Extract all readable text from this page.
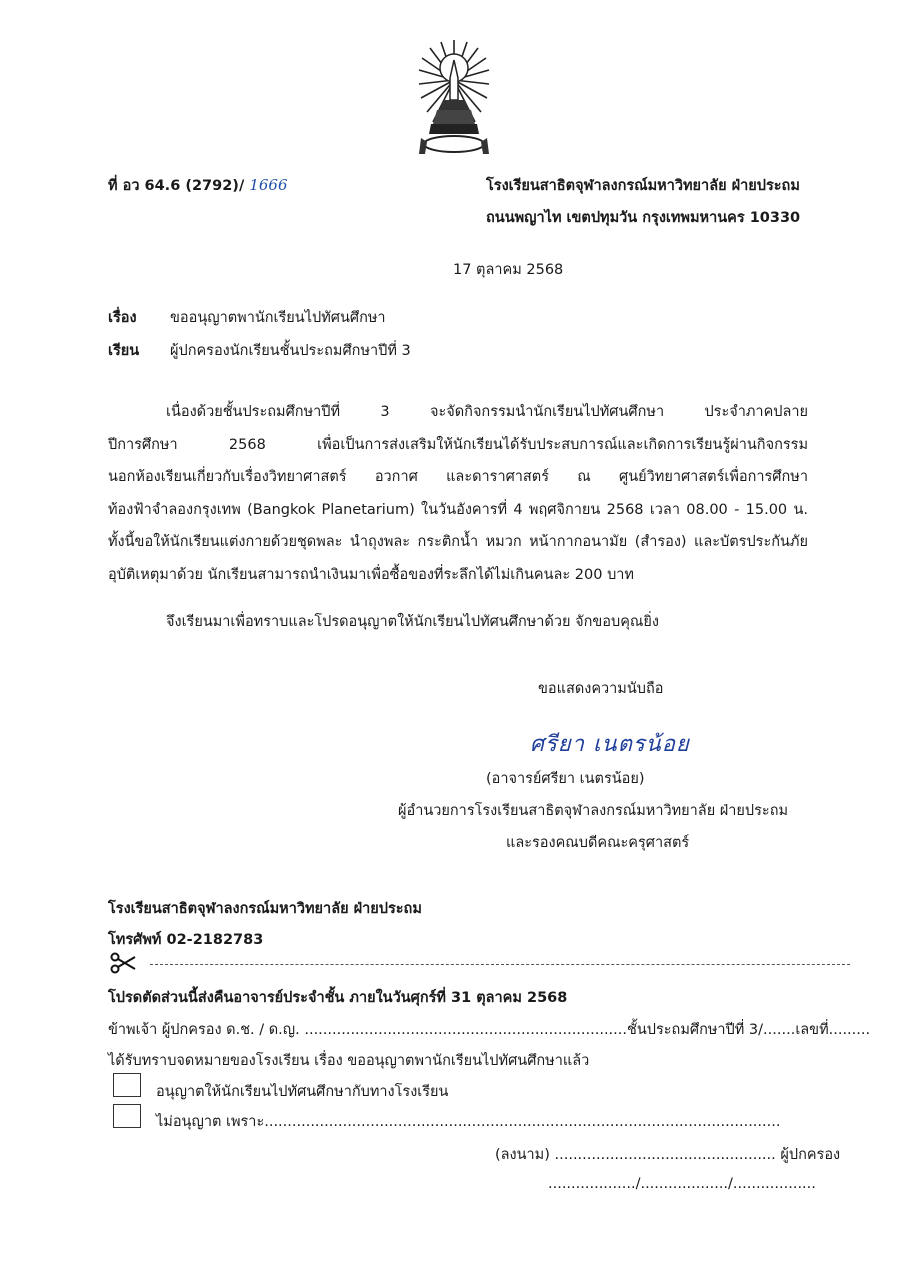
ที่ อว 64.6 (2792)/ 1666	โรงเรียนสาธิตจุฬาลงกรณ์มหาวิทยาลัย ฝ่ายประถม
ถนนพญาไท เขตปทุมวัน กรุงเทพมหานคร 10330
17 ตุลาคม 2568
เรื่อง ขออนุญาตพานักเรียนไปทัศนศึกษา
เรียน ผู้ปกครองนักเรียนชั้นประถมศึกษาปีที่ 3
เนื่องด้วยชั้นประถมศึกษาปีที่ 3 จะจัดกิจกรรมนำนักเรียนไปทัศนศึกษา ประจำภาคปลาย
ปีการศึกษา 2568 เพื่อเป็นการส่งเสริมให้นักเรียนได้รับประสบการณ์และเกิดการเรียนรู้ผ่านกิจกรรม
นอกห้องเรียนเกี่ยวกับเรื่องวิทยาศาสตร์ อวกาศ และดาราศาสตร์ ณ ศูนย์วิทยาศาสตร์เพื่อการศึกษา
ท้องฟ้าจำลองกรุงเทพ (Bangkok Planetarium) ในวันอังคารที่ 4 พฤศจิกายน 2568 เวลา 08.00 - 15.00 น.
ทั้งนี้ขอให้นักเรียนแต่งกายด้วยชุดพละ นำถุงพละ กระติกน้ำ หมวก หน้ากากอนามัย (สำรอง) และบัตรประกันภัย
อุบัติเหตุมาด้วย นักเรียนสามารถนำเงินมาเพื่อซื้อของที่ระลึกได้ไม่เกินคนละ 200 บาท
จึงเรียนมาเพื่อทราบและโปรดอนุญาตให้นักเรียนไปทัศนศึกษาด้วย จักขอบคุณยิ่ง
ขอแสดงความนับถือ
ศรียา เนตรน้อย
(อาจารย์ศรียา เนตรน้อย)
ผู้อำนวยการโรงเรียนสาธิตจุฬาลงกรณ์มหาวิทยาลัย ฝ่ายประถม
และรองคณบดีคณะครุศาสตร์
โรงเรียนสาธิตจุฬาลงกรณ์มหาวิทยาลัย ฝ่ายประถม
โทรศัพท์ 02-2182783
โปรดตัดส่วนนี้ส่งคืนอาจารย์ประจำชั้น ภายในวันศุกร์ที่ 31 ตุลาคม 2568
ข้าพเจ้า ผู้ปกครอง ด.ช. / ด.ญ. ......................................................................ชั้นประถมศึกษาปีที่ 3/.......เลขที่.........
ได้รับทราบจดหมายของโรงเรียน เรื่อง ขออนุญาตพานักเรียนไปทัศนศึกษาแล้ว
อนุญาตให้นักเรียนไปทัศนศึกษากับทางโรงเรียน
ไม่อนุญาต เพราะ................................................................................................................
(ลงนาม) ................................................ ผู้ปกครอง
.................../.................../..................
